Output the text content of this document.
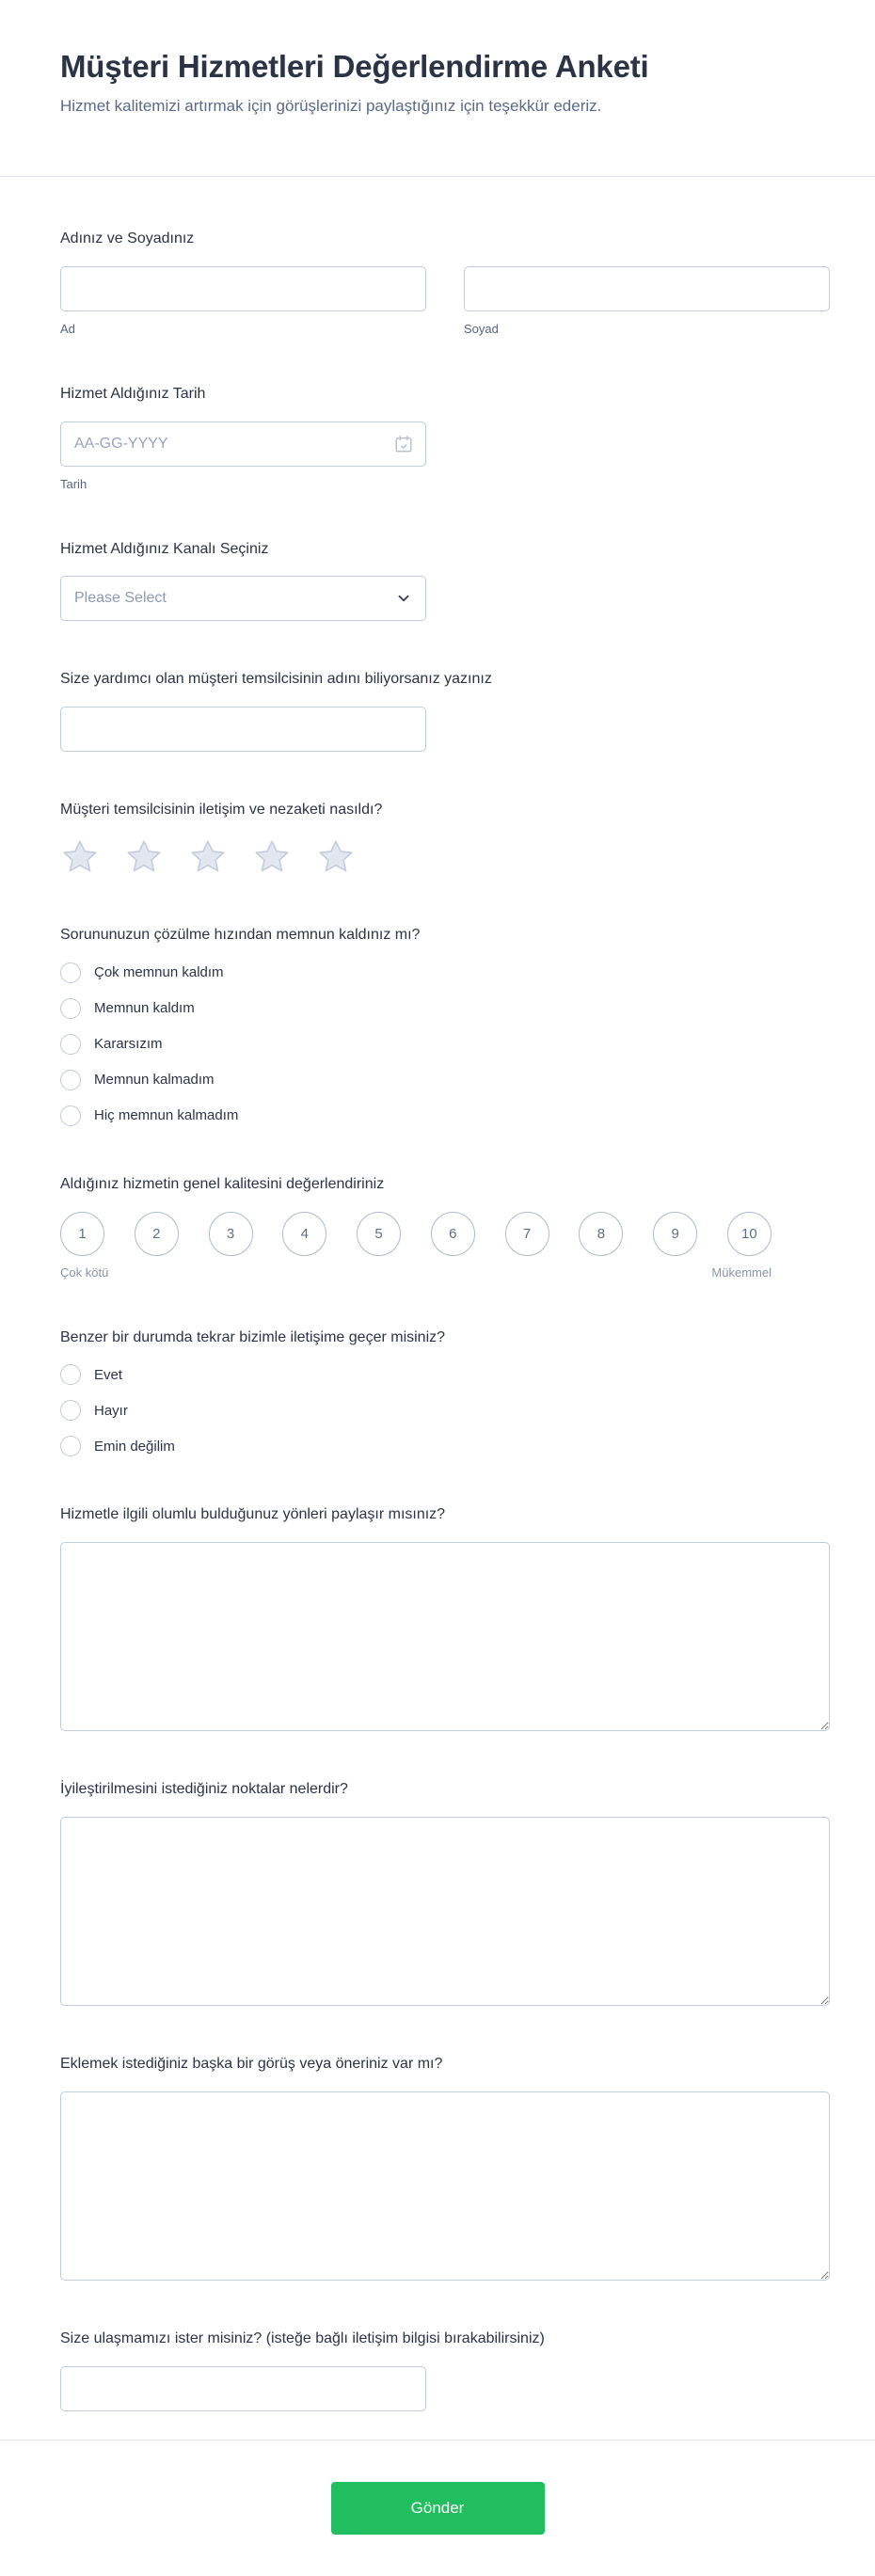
Müşteri Hizmetleri Değerlendirme Anketi

Hizmet kalitemizi artırmak için görüşlerinizi paylaştığınız için teşekkür ederiz.

Adınız ve Soyadınız
Ad	Soyad
Hizmet Aldığınız Tarih
AA-GG-YYYY
Tarih
Hizmet Aldığınız Kanalı Seçiniz
Please Select
Size yardımcı olan müşteri temsilcisinin adını biliyorsanız yazınız
Müşteri temsilcisinin iletişim ve nezaketi nasıldı?
Sorununuzun çözülme hızından memnun kaldınız mı?
Çok memnun kaldım
Memnun kaldım
Kararsızım
Memnun kalmadım
Hiç memnun kalmadım
Aldığınız hizmetin genel kalitesini değerlendiriniz
1	2	3	4	5	6	7	8	9	10
Çok kötü	Mükemmel
Benzer bir durumda tekrar bizimle iletişime geçer misiniz?
Evet
Hayır
Emin değilim
Hizmetle ilgili olumlu bulduğunuz yönleri paylaşır mısınız?
İyileştirilmesini istediğiniz noktalar nelerdir?
Eklemek istediğiniz başka bir görüş veya öneriniz var mı?
Size ulaşmamızı ister misiniz? (isteğe bağlı iletişim bilgisi bırakabilirsiniz)
Gönder
